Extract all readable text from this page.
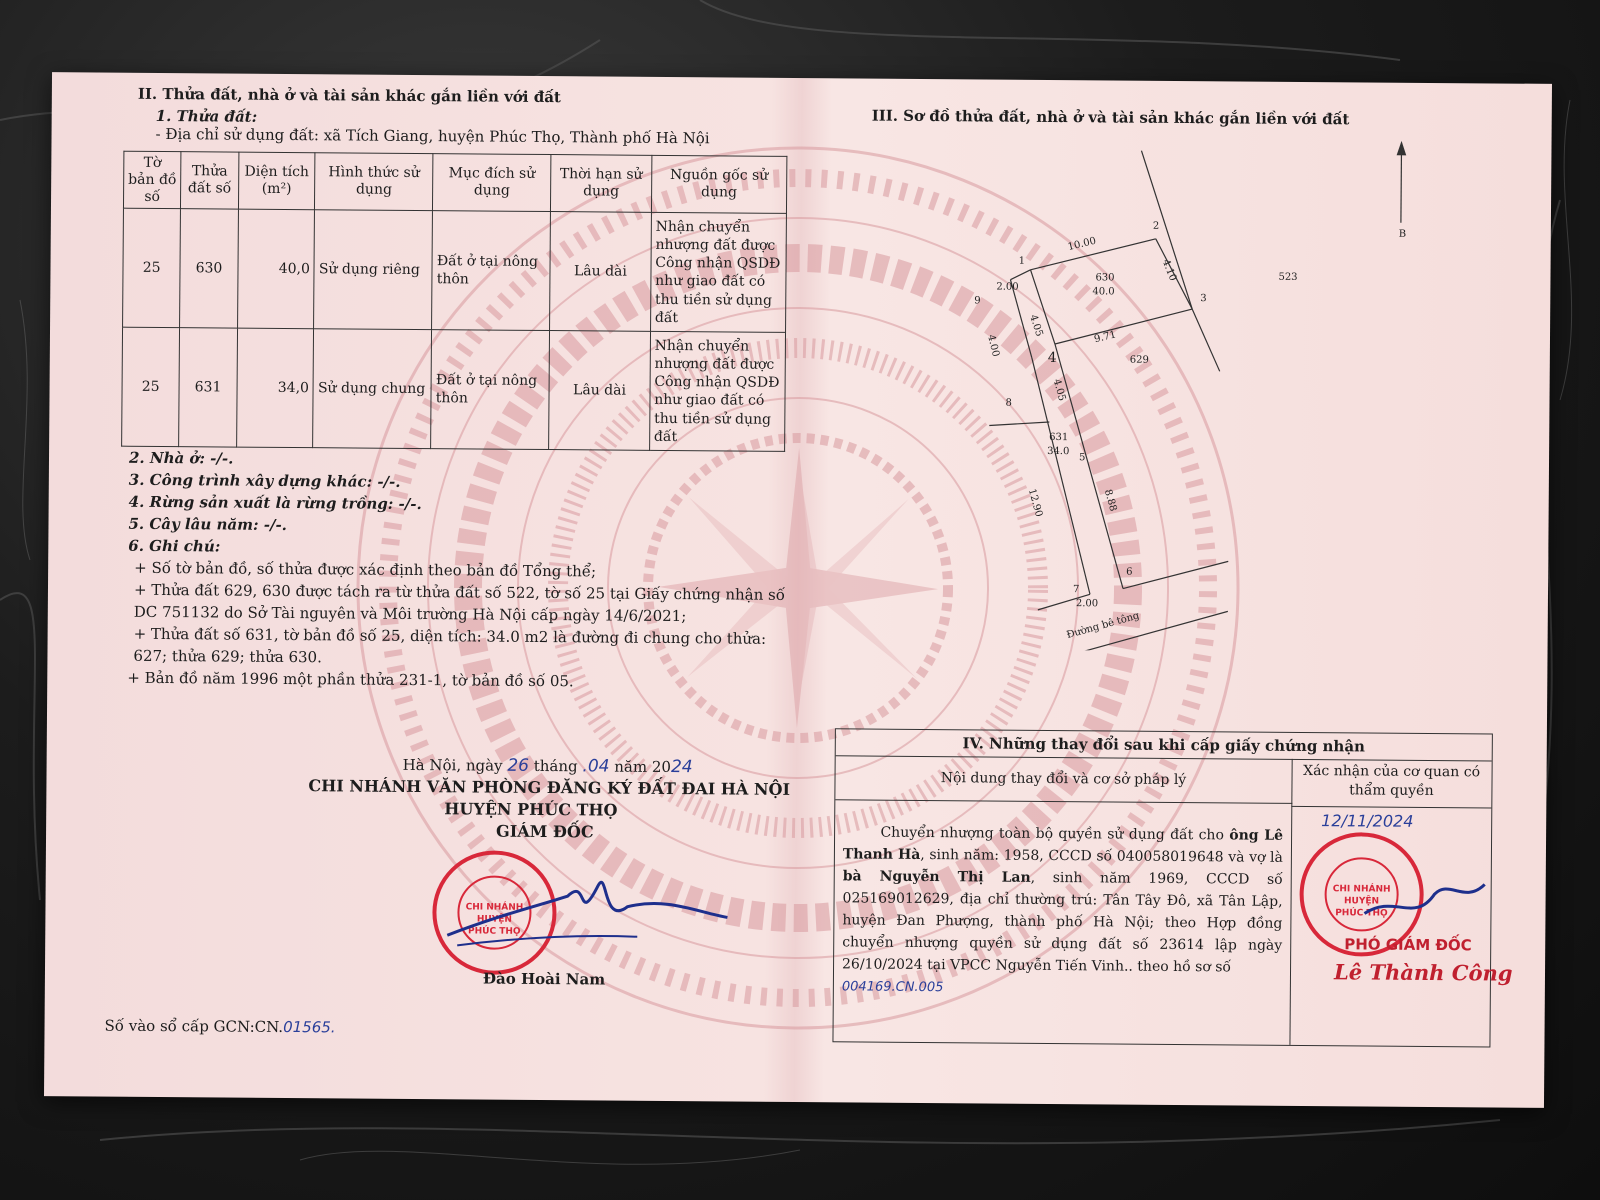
II. Thửa đất, nhà ở và tài sản khác gắn liền với đất
1. Thửa đất:
- Địa chỉ sử dụng đất: xã Tích Giang, huyện Phúc Thọ, Thành phố Hà Nội
Tờ bản đồ số	Thửa đất số	Diện tích (m²)	Hình thức sử dụng	Mục đích sử dụng	Thời hạn sử dụng	Nguồn gốc sử dụng
25	630	40,0	Sử dụng riêng	Đất ở tại nông thôn	Lâu dài	Nhận chuyển nhượng đất được Công nhận QSDĐ như giao đất có thu tiền sử dụng đất
25	631	34,0	Sử dụng chung	Đất ở tại nông thôn	Lâu dài	Nhận chuyển nhượng đất được Công nhận QSDĐ như giao đất có thu tiền sử dụng đất
2. Nhà ở: -/-.
3. Công trình xây dựng khác: -/-.
4. Rừng sản xuất là rừng trồng: -/-.
5. Cây lâu năm: -/-.
6. Ghi chú:
+ Số tờ bản đồ, số thửa được xác định theo bản đồ Tổng thể;
+ Thửa đất 629, 630 được tách ra từ thửa đất số 522, tờ số 25 tại Giấy chứng nhận số
DC 751132 do Sở Tài nguyên và Môi trường Hà Nội cấp ngày 14/6/2021;
+ Thửa đất số 631, tờ bản đồ số 25, diện tích: 34.0 m2 là đường đi chung cho thửa:
627; thửa 629; thửa 630.
+ Bản đồ năm 1996 một phần thửa 231-1, tờ bản đồ số 05.
Hà Nội, ngày 26 tháng .04 năm 2024
CHI NHÁNH VĂN PHÒNG ĐĂNG KÝ ĐẤT ĐAI HÀ NỘI
HUYỆN PHÚC THỌ
GIÁM ĐỐC
CHI NHÁNH
HUYỆN
PHÚC THỌ
Đào Hoài Nam
Số vào sổ cấp GCN:CN.01565.
III. Sơ đồ thửa đất, nhà ở và tài sản khác gắn liền với đất
B
10.00
4.10
2.00
4.05	9.71
4.00
4.05
12.90	8.88
2.00
630
40.0
631
34.0
629
523
1
2
3
4
5
6
7
8
9
Đường bê tông
IV. Những thay đổi sau khi cấp giấy chứng nhận
Nội dung thay đổi và cơ sở pháp lý	Xác nhận của cơ quan có thẩm quyền
Chuyển nhượng toàn bộ quyền sử dụng đất cho ông Lê Thanh Hà, sinh năm: 1958, CCCD số 040058019648 và vợ là bà Nguyễn Thị Lan, sinh năm 1969, CCCD số 025169012629, địa chỉ thường trú: Tân Tây Đô, xã Tân Lập, huyện Đan Phượng, thành phố Hà Nội; theo Hợp đồng chuyển nhượng quyền sử dụng đất số 23614 lập ngày 26/10/2024 tại VPCC Nguyễn Tiến Vinh.. theo hồ sơ số
004169.CN.005
12/11/2024
CHI NHÁNH
HUYỆN
PHÚC THỌ
PHÓ GIÁM ĐỐC
Lê Thành Công
